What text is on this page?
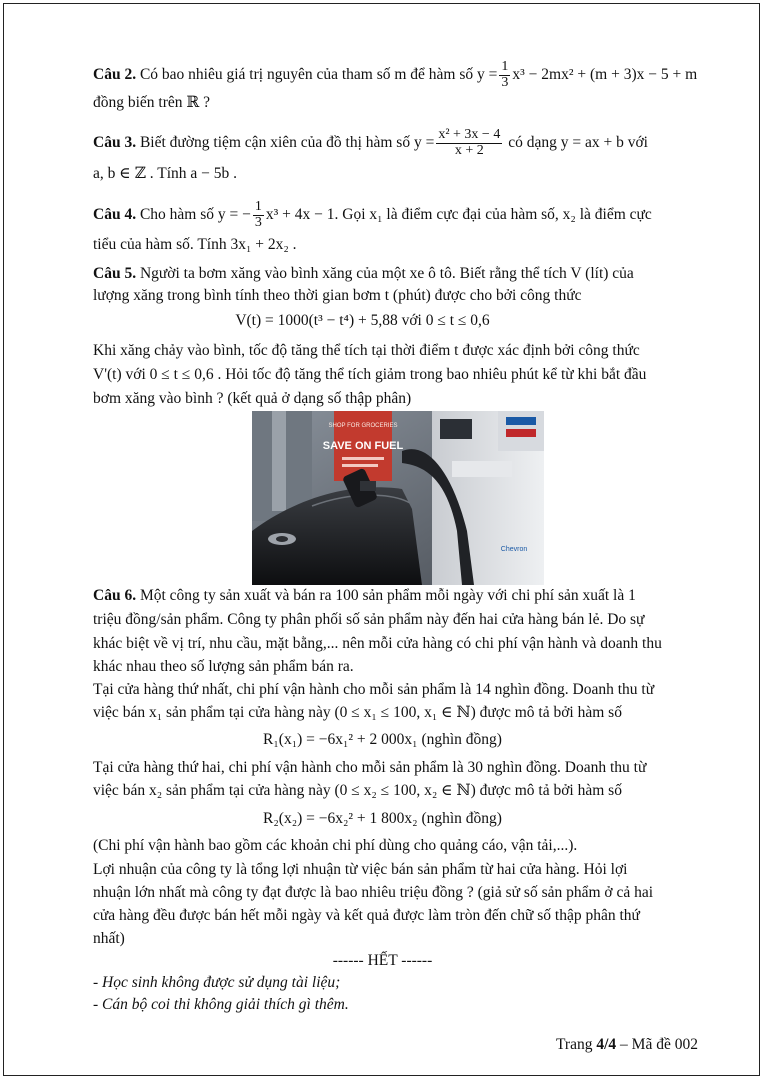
Câu 2. Có bao nhiêu giá trị nguyên của tham số m để hàm số $y = \frac{1}{3} x^3 - 2mx^2 + (m + 3)x - 5 + m$
đồng biến trên ℝ ?
Câu 3. Biết đường tiệm cận xiên của đồ thị hàm số $y = \frac{\text{x² + 3x − 4}}{x + 2}$ có dạng y = ax + b với
a, b ∈ ℤ . Tính a − 5b .
Câu 4. Cho hàm số y = − $\frac{1}{3} x^3 + 4x - 1$. Gọi x₁ là điểm cực đại của hàm số, x₂ là điểm cực
tiểu của hàm số. Tính 3x₁ + 2x₂ .
Câu 5. Người ta bơm xăng vào bình xăng của một xe ô tô. Biết rằng thể tích V (lít) của
lượng xăng trong bình tính theo thời gian bơm t (phút) được cho bởi công thức
V(t) = 1000(t³ − t⁴) + 5,88 với 0 ≤ t ≤ 0,6
Khi xăng chảy vào bình, tốc độ tăng thể tích tại thời điểm t được xác định bởi công thức
V'(t) với 0 ≤ t ≤ 0,6 . Hỏi tốc độ tăng thể tích giảm trong bao nhiêu phút kể từ khi bắt đầu
bơm xăng vào bình ? (kết quả ở dạng số thập phân)
SHOP FOR GROCERIES
SAVE ON FUEL
Chevron
Câu 6. Một công ty sản xuất và bán ra 100 sản phẩm mỗi ngày với chi phí sản xuất là 1
triệu đồng/sản phẩm. Công ty phân phối số sản phẩm này đến hai cửa hàng bán lẻ. Do sự
khác biệt về vị trí, nhu cầu, mặt bằng,... nên mỗi cửa hàng có chi phí vận hành và doanh thu
khác nhau theo số lượng sản phẩm bán ra.
Tại cửa hàng thứ nhất, chi phí vận hành cho mỗi sản phẩm là 14 nghìn đồng. Doanh thu từ
việc bán x₁ sản phẩm tại cửa hàng này (0 ≤ x₁ ≤ 100, x₁ ∈ ℕ) được mô tả bởi hàm số
R₁(x₁) = −6x₁² + 2 000x₁ (nghìn đồng)
Tại cửa hàng thứ hai, chi phí vận hành cho mỗi sản phẩm là 30 nghìn đồng. Doanh thu từ
việc bán x₂ sản phẩm tại cửa hàng này (0 ≤ x₂ ≤ 100, x₂ ∈ ℕ) được mô tả bởi hàm số
R₂(x₂) = −6x₂² + 1 800x₂ (nghìn đồng)
(Chi phí vận hành bao gồm các khoản chi phí dùng cho quảng cáo, vận tải,...).
Lợi nhuận của công ty là tổng lợi nhuận từ việc bán sản phẩm từ hai cửa hàng. Hỏi lợi
nhuận lớn nhất mà công ty đạt được là bao nhiêu triệu đồng ? (giả sử số sản phẩm ở cả hai
cửa hàng đều được bán hết mỗi ngày và kết quả được làm tròn đến chữ số thập phân thứ
nhất)
------ HẾT ------
- Học sinh không được sử dụng tài liệu;
- Cán bộ coi thi không giải thích gì thêm.
Trang 4/4 – Mã đề 002
